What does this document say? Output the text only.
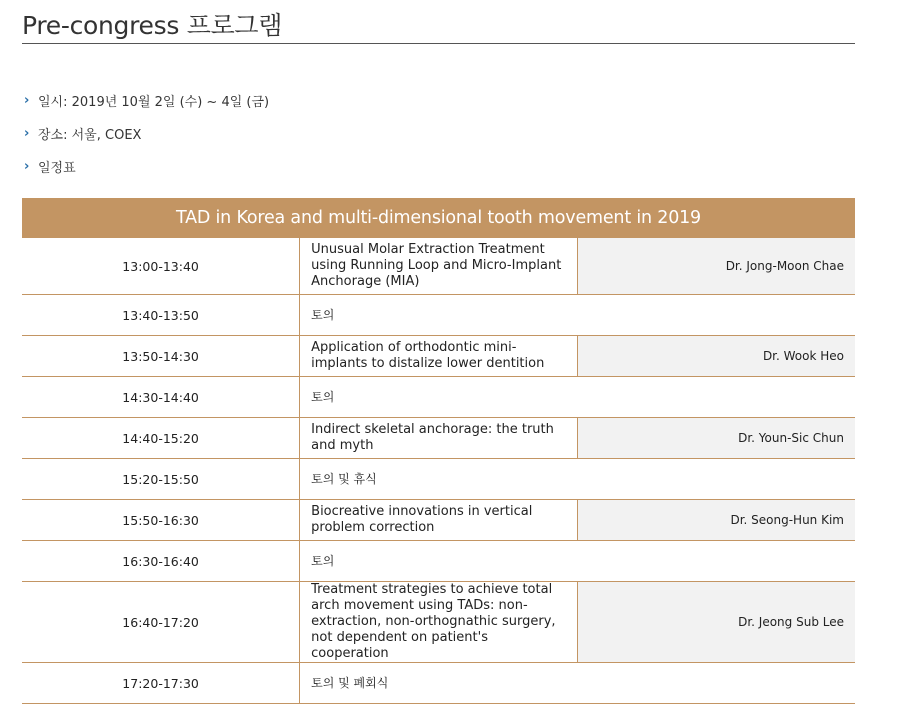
Pre-congress 프로그램
› 일시: 2019년 10월 2일 (수) ~ 4일 (금)
› 장소: 서울, COEX
› 일정표
TAD in Korea and multi-dimensional tooth movement in 2019		
13:00-13:40	Unusual Molar Extraction Treatment using Running Loop and Micro-Implant Anchorage (MIA)	Dr. Jong-Moon Chae
13:40-13:50	토의	
13:50-14:30	Application of orthodontic mini-implants to distalize lower dentition	Dr. Wook Heo
14:30-14:40	토의	
14:40-15:20	Indirect skeletal anchorage: the truth and myth	Dr. Youn-Sic Chun
15:20-15:50	토의 및 휴식	
15:50-16:30	Biocreative innovations in vertical problem correction	Dr. Seong-Hun Kim
16:30-16:40	토의	
16:40-17:20	Treatment strategies to achieve total arch movement using TADs: non-extraction, non-orthognathic surgery, not dependent on patient's cooperation	Dr. Jeong Sub Lee
17:20-17:30	토의 및 폐회식	
